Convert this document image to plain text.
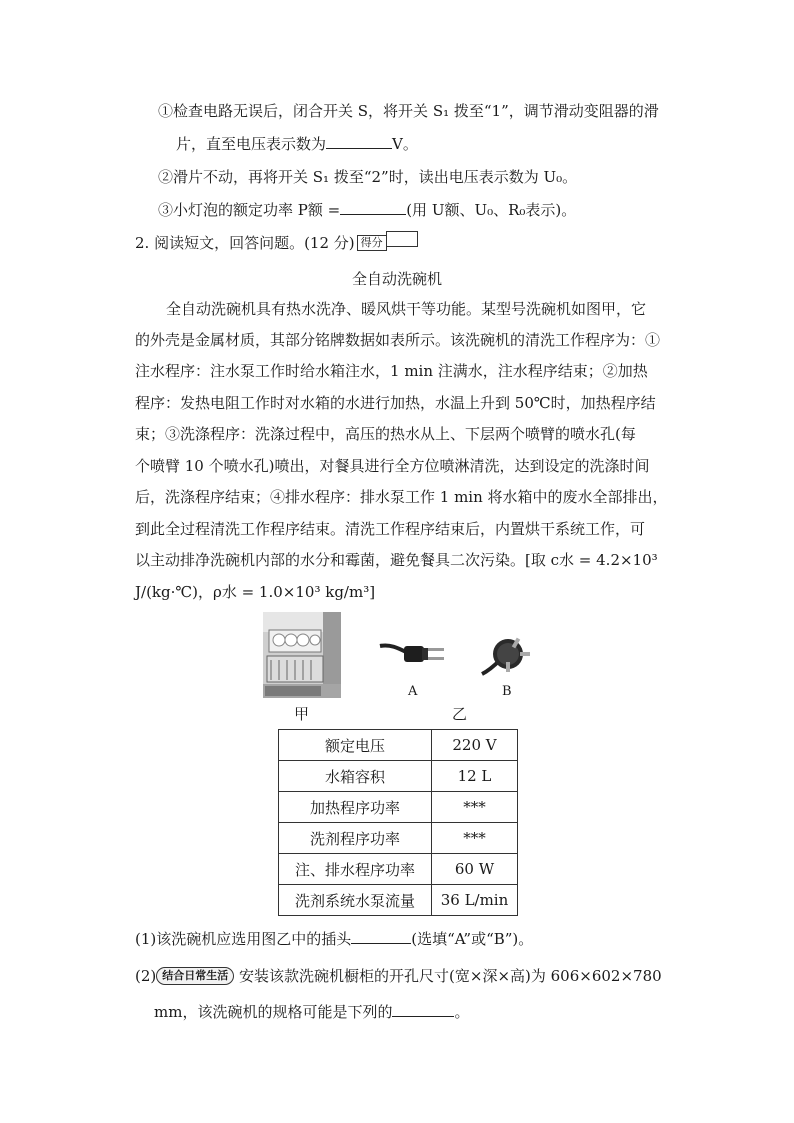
①检查电路无误后，闭合开关 S，将开关 S₁ 拨至“1”，调节滑动变阻器的滑
片，直至电压表示数为	V。
②滑片不动，再将开关 S₁ 拨至“2”时，读出电压表示数为 U₀。
③小灯泡的额定功率 P额 =	(用 U额、U₀、R₀表示)。
2. 阅读短文，回答问题。(12 分) 得分
全自动洗碗机
全自动洗碗机具有热水洗净、暖风烘干等功能。某型号洗碗机如图甲，它
的外壳是金属材质，其部分铭牌数据如表所示。该洗碗机的清洗工作程序为：①
注水程序：注水泵工作时给水箱注水，1 min 注满水，注水程序结束；②加热
程序：发热电阻工作时对水箱的水进行加热，水温上升到 50℃时，加热程序结
束；③洗涤程序：洗涤过程中，高压的热水从上、下层两个喷臂的喷水孔(每
个喷臂 10 个喷水孔)喷出，对餐具进行全方位喷淋清洗，达到设定的洗涤时间
后，洗涤程序结束；④排水程序：排水泵工作 1 min 将水箱中的废水全部排出，
到此全过程清洗工作程序结束。清洗工作程序结束后，内置烘干系统工作，可
以主动排净洗碗机内部的水分和霉菌，避免餐具二次污染。[取 c水 = 4.2×10³
J/(kg·℃)，ρ水 = 1.0×10³ kg/m³]
甲
A	B
乙
额定电压	220 V
水箱容积	12 L
加热程序功率	***
洗剂程序功率	***
注、排水程序功率	60 W
洗剂系统水泵流量	36 L/min
(1)该洗碗机应选用图乙中的插头	(选填“A”或“B”)。
(2) 结合日常生活 安装该款洗碗机橱柜的开孔尺寸(宽×深×高)为 606×602×780
mm，该洗碗机的规格可能是下列的	。
